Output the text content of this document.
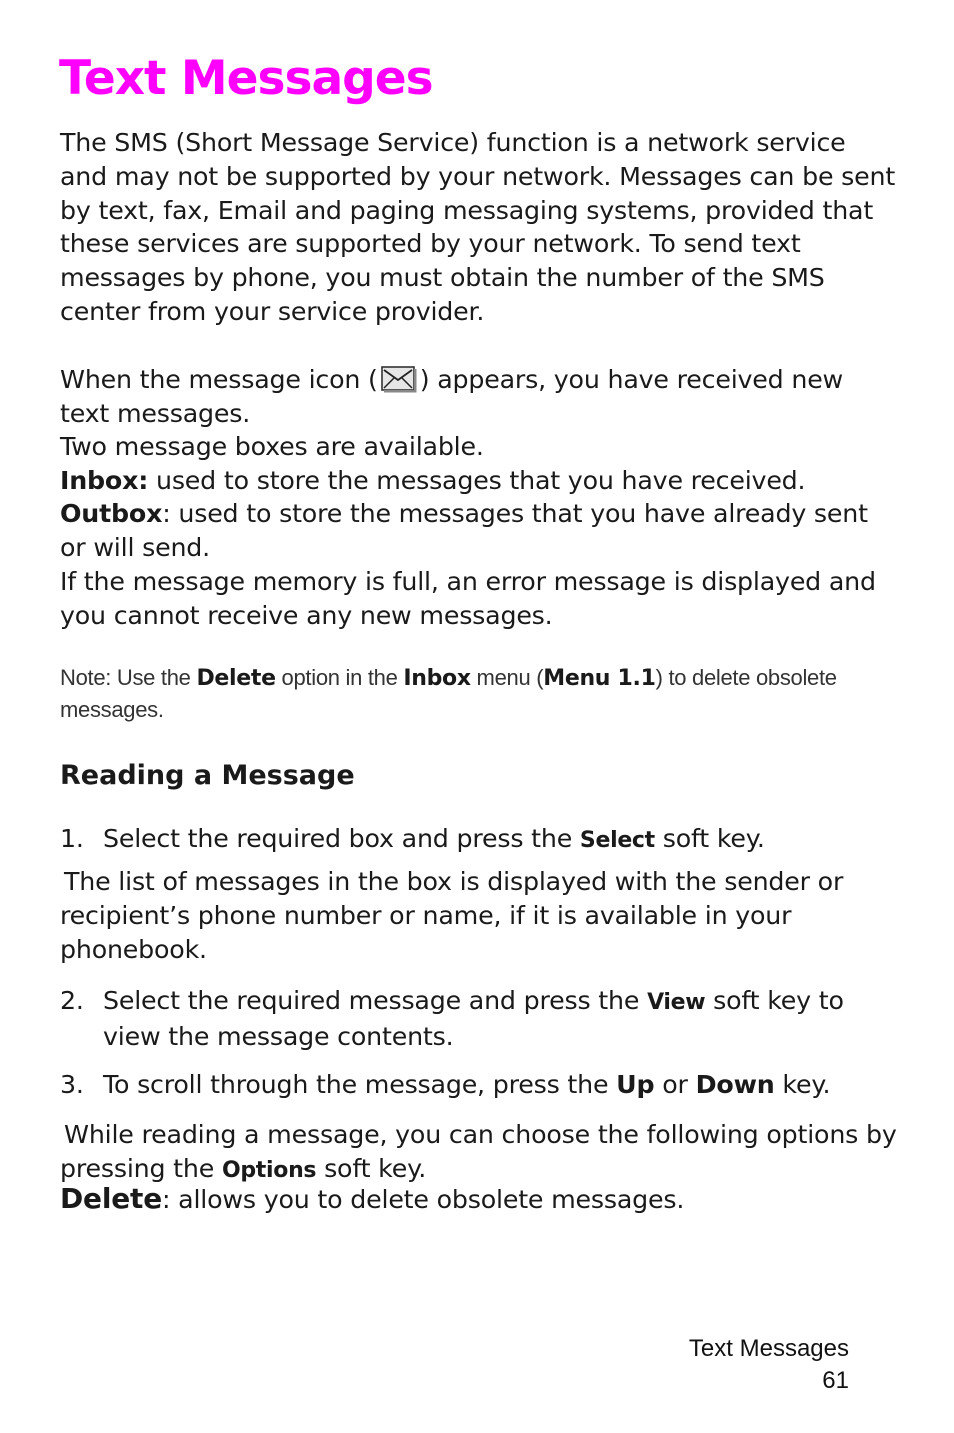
Text Messages

The SMS (Short Message Service) function is a network service and may not be supported by your network. Messages can be sent by text, fax, Email and paging messaging systems, provided that these services are supported by your network. To send text messages by phone, you must obtain the number of the SMS center from your service provider.

When the message icon ( ) appears, you have received new text messages.

Two message boxes are available.

Inbox: used to store the messages that you have received.

Outbox: used to store the messages that you have already sent or will send.

If the message memory is full, an error message is displayed and you cannot receive any new messages.

Note: Use the Delete option in the Inbox menu (Menu 1.1) to delete obsolete messages.
Reading a Message
1. Select the required box and press the Select soft key.

The list of messages in the box is displayed with the sender or recipient’s phone number or name, if it is available in your phonebook.

2. Select the required message and press the View soft key to view the message contents.
3. To scroll through the message, press the Up or Down key.

While reading a message, you can choose the following options by pressing the Options soft key.

Delete: allows you to delete obsolete messages.

Text Messages
61
